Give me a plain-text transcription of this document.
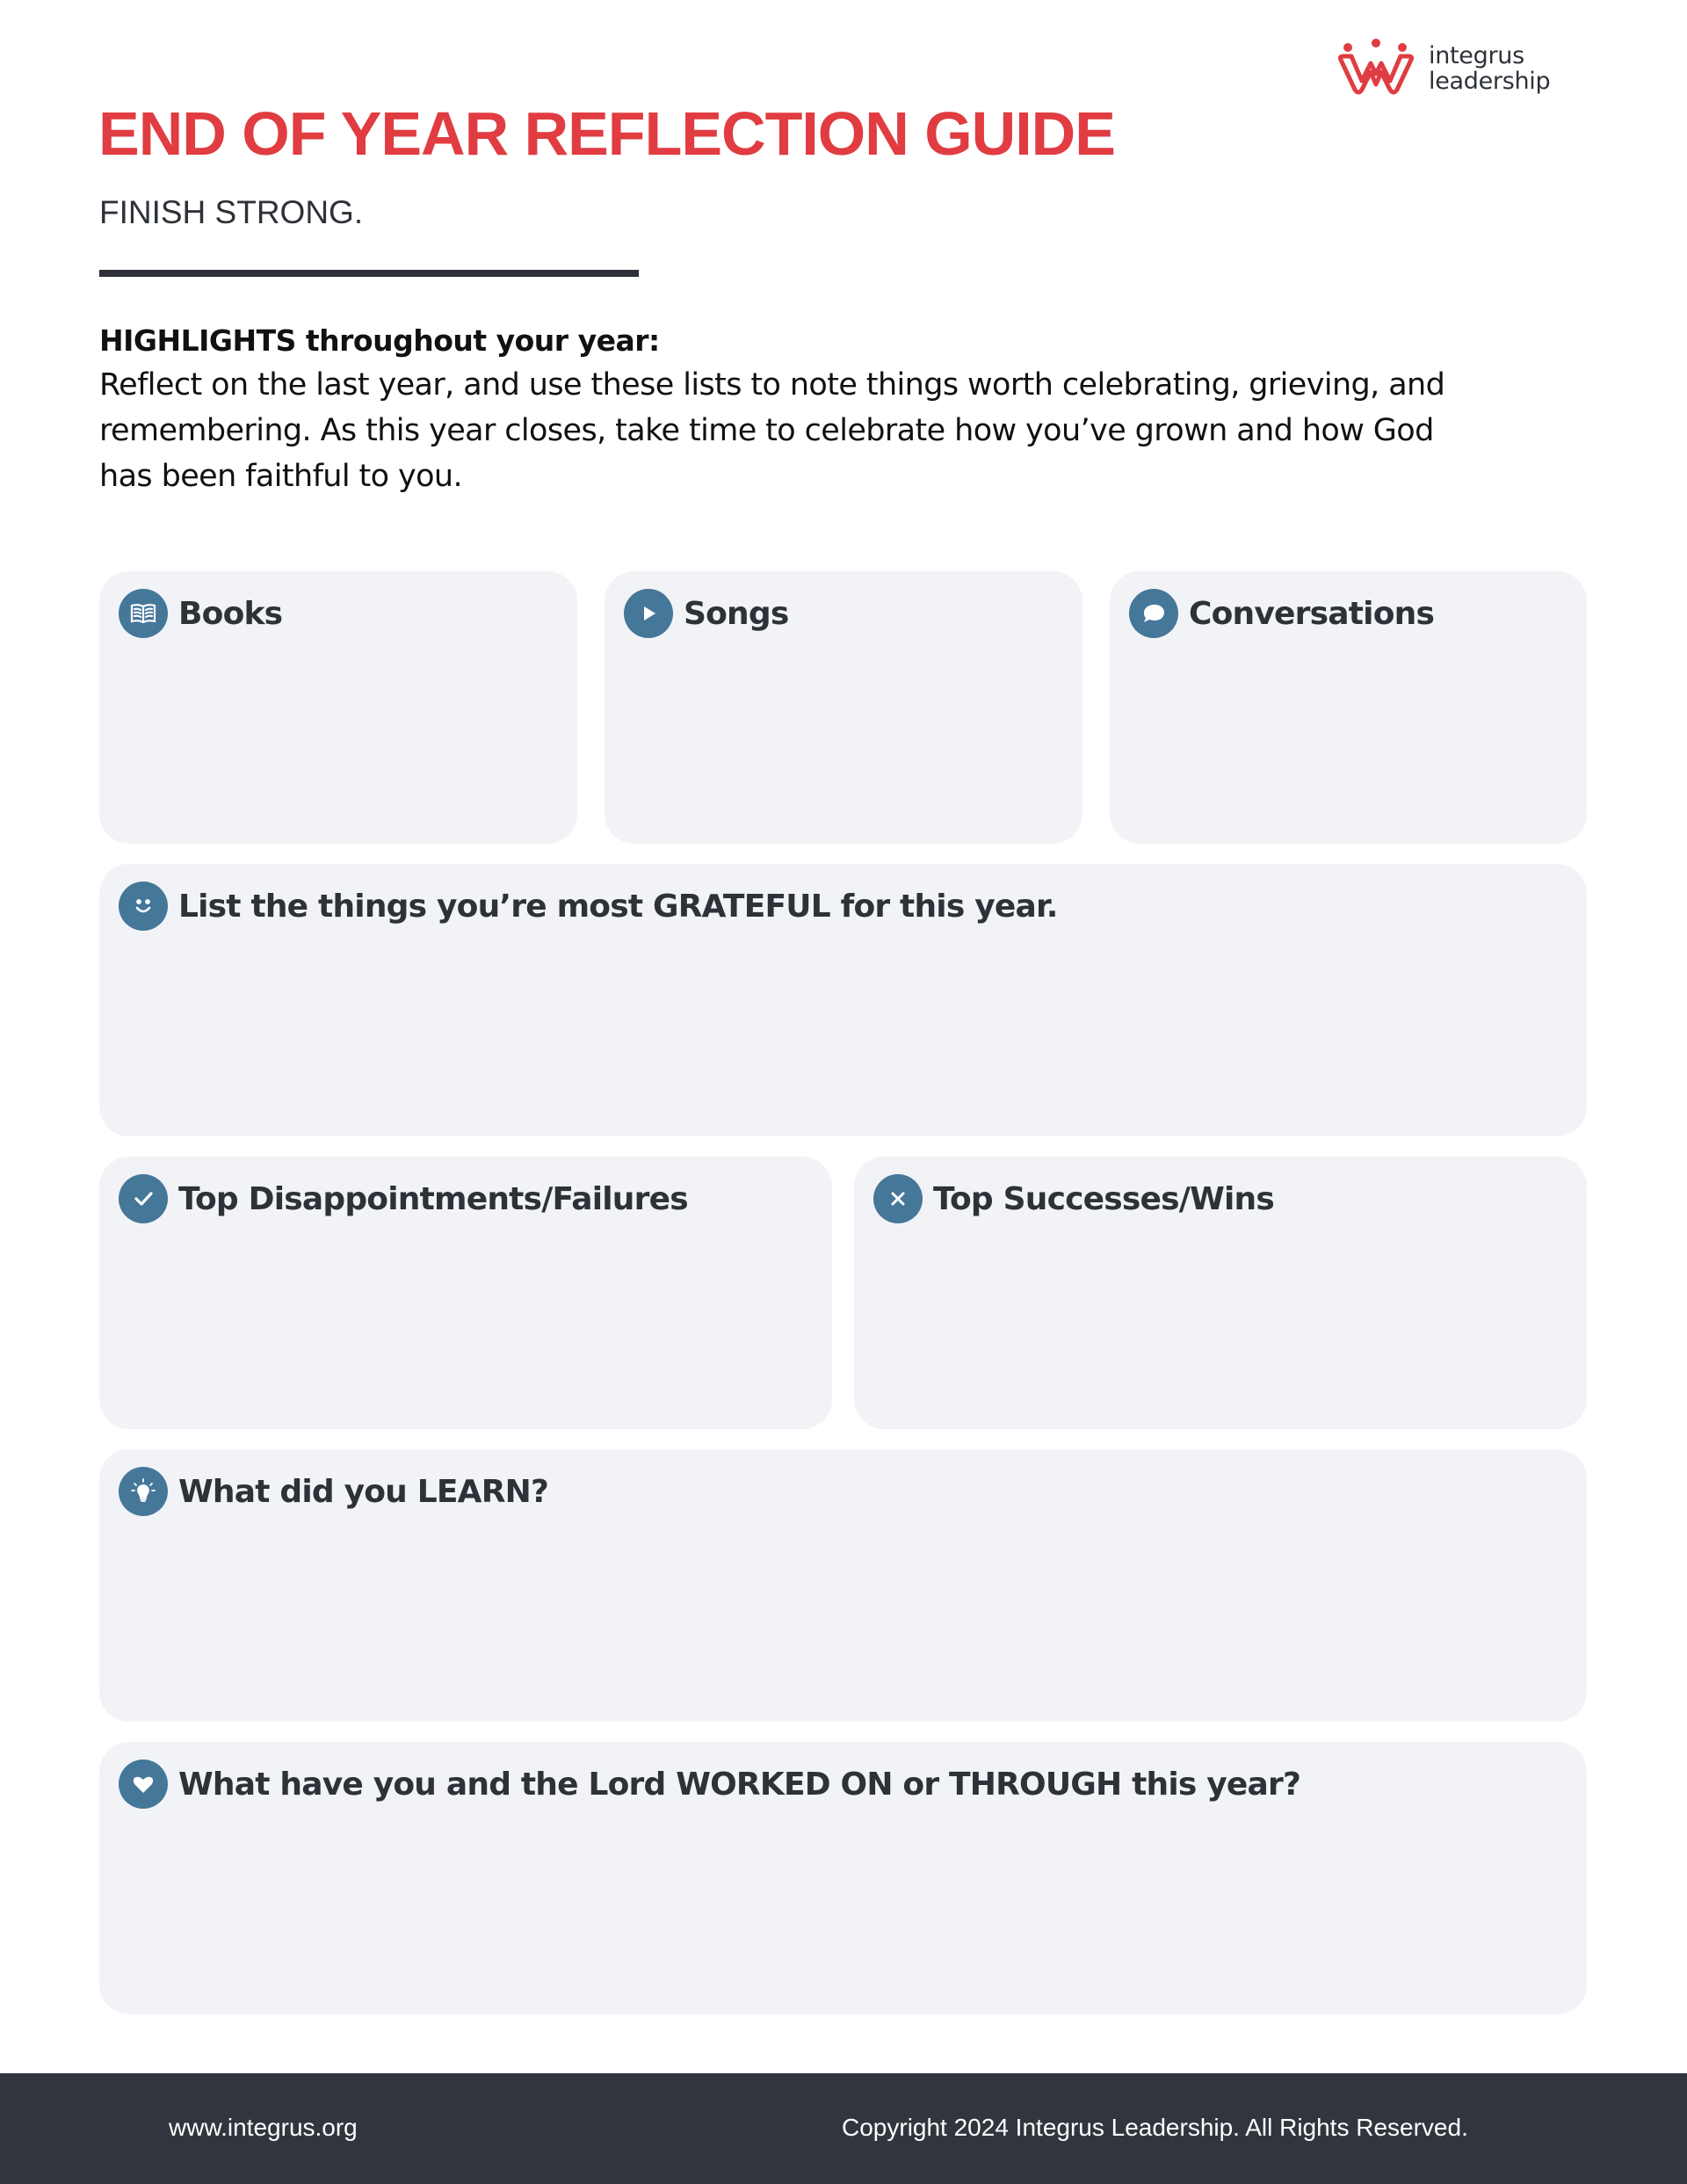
integrus
leadership
END OF YEAR REFLECTION GUIDE
FINISH STRONG.
HIGHLIGHTS throughout your year:
Reflect on the last year, and use these lists to note things worth celebrating, grieving, and remembering. As this year closes, take time to celebrate how you’ve grown and how God has been faithful to you.
Books	Songs	Conversations
List the things you’re most GRATEFUL for this year.
Top Disappointments/Failures	Top Successes/Wins
What did you LEARN?
What have you and the Lord WORKED ON or THROUGH this year?
www.integrus.org	Copyright 2024 Integrus Leadership. All Rights Reserved.
